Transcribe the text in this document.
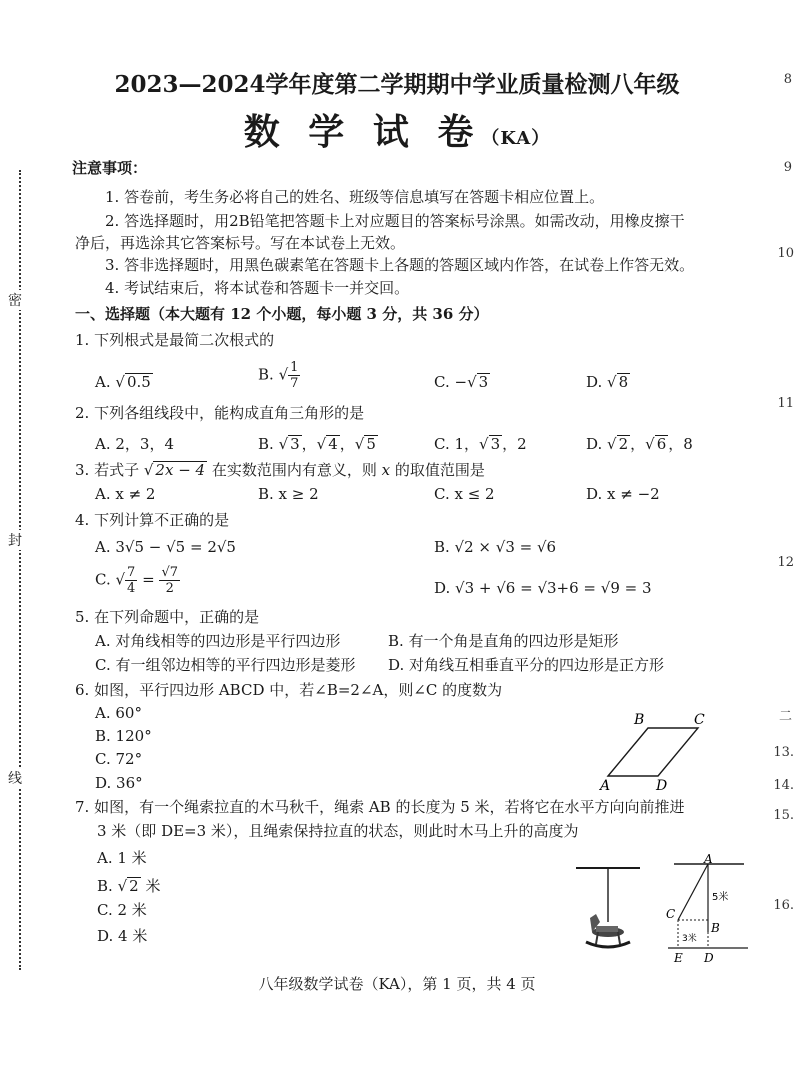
密
封
线
8
9
10
11
12
二
13.
14.
15.
16.
2023—2024学年度第二学期期中学业质量检测八年级
数 学 试 卷（KA）
注意事项：
1. 答卷前，考生务必将自己的姓名、班级等信息填写在答题卡相应位置上。
2. 答选择题时，用2B铅笔把答题卡上对应题目的答案标号涂黑。如需改动，用橡皮擦干
净后，再选涂其它答案标号。写在本试卷上无效。
3. 答非选择题时，用黑色碳素笔在答题卡上各题的答题区域内作答，在试卷上作答无效。
4. 考试结束后，将本试卷和答题卡一并交回。
一、选择题（本大题有 12 个小题，每小题 3 分，共 36 分）
1. 下列根式是最简二次根式的
A. √ 0.5	B. √ $\frac{1}{7}$	C. −√ 3	D. √ 8
2. 下列各组线段中，能构成直角三角形的是
A. 2，3，4	B. √ 3 ，√ 4 ，√ 5	C. 1，√ 3 ，2	D. √ 2 ，√ 6 ，8
3. 若式子 √ 2x − 4 在实数范围内有意义，则 x 的取值范围是
A. x ≠ 2	B. x ≥ 2	C. x ≤ 2	D. x ≠ −2
4. 下列计算不正确的是
A. 3√5 − √5 = 2√5	B. √2 × √3 = √6
C. √ $\frac{7}{4} = \frac{√7}{2}$	D. √3 + √6 = √3+6 = √9 = 3
5. 在下列命题中，正确的是
A. 对角线相等的四边形是平行四边形	B. 有一个角是直角的四边形是矩形
C. 有一组邻边相等的平行四边形是菱形 D. 对角线互相垂直平分的四边形是正方形
6. 如图，平行四边形 ABCD 中，若∠B=2∠A，则∠C 的度数为
A. 60°
B. 120°
C. 72°
D. 36°	A
B	C
D
7. 如图，有一个绳索拉直的木马秋千，绳索 AB 的长度为 5 米，若将它在水平方向向前推进
3 米（即 DE=3 米），且绳索保持拉直的状态，则此时木马上升的高度为
A. 1 米
B. √ 2 米
C. 2 米
D. 4 米
A
B
C
D
E
5米
3米
八年级数学试卷（KA），第 1 页，共 4 页
